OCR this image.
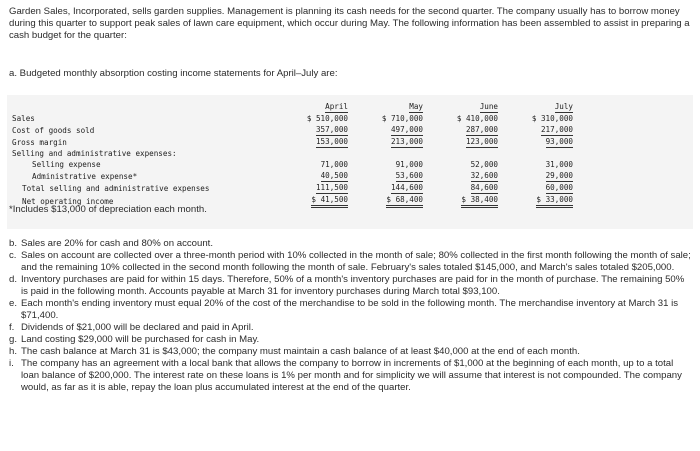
Garden Sales, Incorporated, sells garden supplies. Management is planning its cash needs for the second quarter. The company usually has to borrow money during this quarter to support peak sales of lawn care equipment, which occur during May. The following information has been assembled to assist in preparing a cash budget for the quarter:
a. Budgeted monthly absorption costing income statements for April–July are:
	April	May	June	July
Sales	$ 510,000	$ 710,000	$ 410,000	$ 310,000
Cost of goods sold	357,000	497,000	287,000	217,000
Gross margin	153,000	213,000	123,000	93,000
Selling and administrative expenses:				
Selling expense	71,000	91,000	52,000	31,000
Administrative expense*	40,500	53,600	32,600	29,000
Total selling and administrative expenses	111,500	144,600	84,600	60,000
Net operating income	$ 41,500	$ 68,400	$ 38,400	$ 33,000
*Includes $13,000 of depreciation each month.
b. Sales are 20% for cash and 80% on account.
c. Sales on account are collected over a three-month period with 10% collected in the month of sale; 80% collected in the first month following the month of sale; and the remaining 10% collected in the second month following the month of sale. February's sales totaled $145,000, and March's sales totaled $205,000.
d. Inventory purchases are paid for within 15 days. Therefore, 50% of a month's inventory purchases are paid for in the month of purchase. The remaining 50% is paid in the following month. Accounts payable at March 31 for inventory purchases during March total $93,100.
e. Each month's ending inventory must equal 20% of the cost of the merchandise to be sold in the following month. The merchandise inventory at March 31 is $71,400.
f. Dividends of $21,000 will be declared and paid in April.
g. Land costing $29,000 will be purchased for cash in May.
h. The cash balance at March 31 is $43,000; the company must maintain a cash balance of at least $40,000 at the end of each month.
i. The company has an agreement with a local bank that allows the company to borrow in increments of $1,000 at the beginning of each month, up to a total loan balance of $200,000. The interest rate on these loans is 1% per month and for simplicity we will assume that interest is not compounded. The company would, as far as it is able, repay the loan plus accumulated interest at the end of the quarter.
